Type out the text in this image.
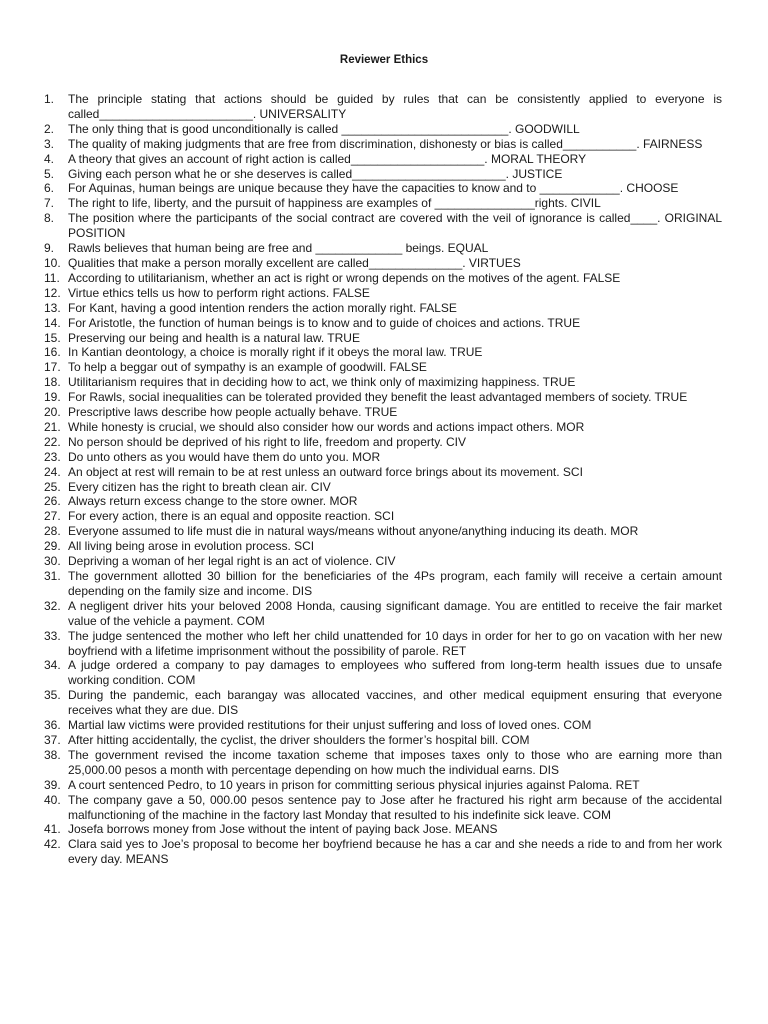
Reviewer Ethics
1.	The principle stating that actions should be guided by rules that can be consistently applied to everyone is called_______________________. UNIVERSALITY
2.	The only thing that is good unconditionally is called _________________________. GOODWILL
3.	The quality of making judgments that are free from discrimination, dishonesty or bias is called___________. FAIRNESS
4.	A theory that gives an account of right action is called____________________. MORAL THEORY
5.	Giving each person what he or she deserves is called_______________________. JUSTICE
6.	For Aquinas, human beings are unique because they have the capacities to know and to ____________. CHOOSE
7.	The right to life, liberty, and the pursuit of happiness are examples of _______________rights. CIVIL
8.	The position where the participants of the social contract are covered with the veil of ignorance is called____. ORIGINAL POSITION
9.	Rawls believes that human being are free and _____________ beings. EQUAL
10. Qualities that make a person morally excellent are called______________. VIRTUES
11. According to utilitarianism, whether an act is right or wrong depends on the motives of the agent. FALSE
12. Virtue ethics tells us how to perform right actions. FALSE
13. For Kant, having a good intention renders the action morally right. FALSE
14. For Aristotle, the function of human beings is to know and to guide of choices and actions. TRUE
15. Preserving our being and health is a natural law. TRUE
16. In Kantian deontology, a choice is morally right if it obeys the moral law. TRUE
17. To help a beggar out of sympathy is an example of goodwill. FALSE
18. Utilitarianism requires that in deciding how to act, we think only of maximizing happiness. TRUE
19. For Rawls, social inequalities can be tolerated provided they benefit the least advantaged members of society. TRUE
20. Prescriptive laws describe how people actually behave. TRUE
21. While honesty is crucial, we should also consider how our words and actions impact others. MOR
22. No person should be deprived of his right to life, freedom and property. CIV
23. Do unto others as you would have them do unto you. MOR
24. An object at rest will remain to be at rest unless an outward force brings about its movement. SCI
25. Every citizen has the right to breath clean air. CIV
26. Always return excess change to the store owner. MOR
27. For every action, there is an equal and opposite reaction. SCI
28. Everyone assumed to life must die in natural ways/means without anyone/anything inducing its death. MOR
29. All living being arose in evolution process. SCI
30. Depriving a woman of her legal right is an act of violence. CIV
31. The government allotted 30 billion for the beneficiaries of the 4Ps program, each family will receive a certain amount depending on the family size and income. DIS
32. A negligent driver hits your beloved 2008 Honda, causing significant damage. You are entitled to receive the fair market value of the vehicle a payment. COM
33. The judge sentenced the mother who left her child unattended for 10 days in order for her to go on vacation with her new boyfriend with a lifetime imprisonment without the possibility of parole. RET
34. A judge ordered a company to pay damages to employees who suffered from long-term health issues due to unsafe working condition. COM
35. During the pandemic, each barangay was allocated vaccines, and other medical equipment ensuring that everyone receives what they are due. DIS
36. Martial law victims were provided restitutions for their unjust suffering and loss of loved ones. COM
37. After hitting accidentally, the cyclist, the driver shoulders the former’s hospital bill. COM
38. The government revised the income taxation scheme that imposes taxes only to those who are earning more than 25,000.00 pesos a month with percentage depending on how much the individual earns. DIS
39. A court sentenced Pedro, to 10 years in prison for committing serious physical injuries against Paloma. RET
40. The company gave a 50, 000.00 pesos sentence pay to Jose after he fractured his right arm because of the accidental malfunctioning of the machine in the factory last Monday that resulted to his indefinite sick leave. COM
41. Josefa borrows money from Jose without the intent of paying back Jose. MEANS
42. Clara said yes to Joe’s proposal to become her boyfriend because he has a car and she needs a ride to and from her work every day. MEANS
